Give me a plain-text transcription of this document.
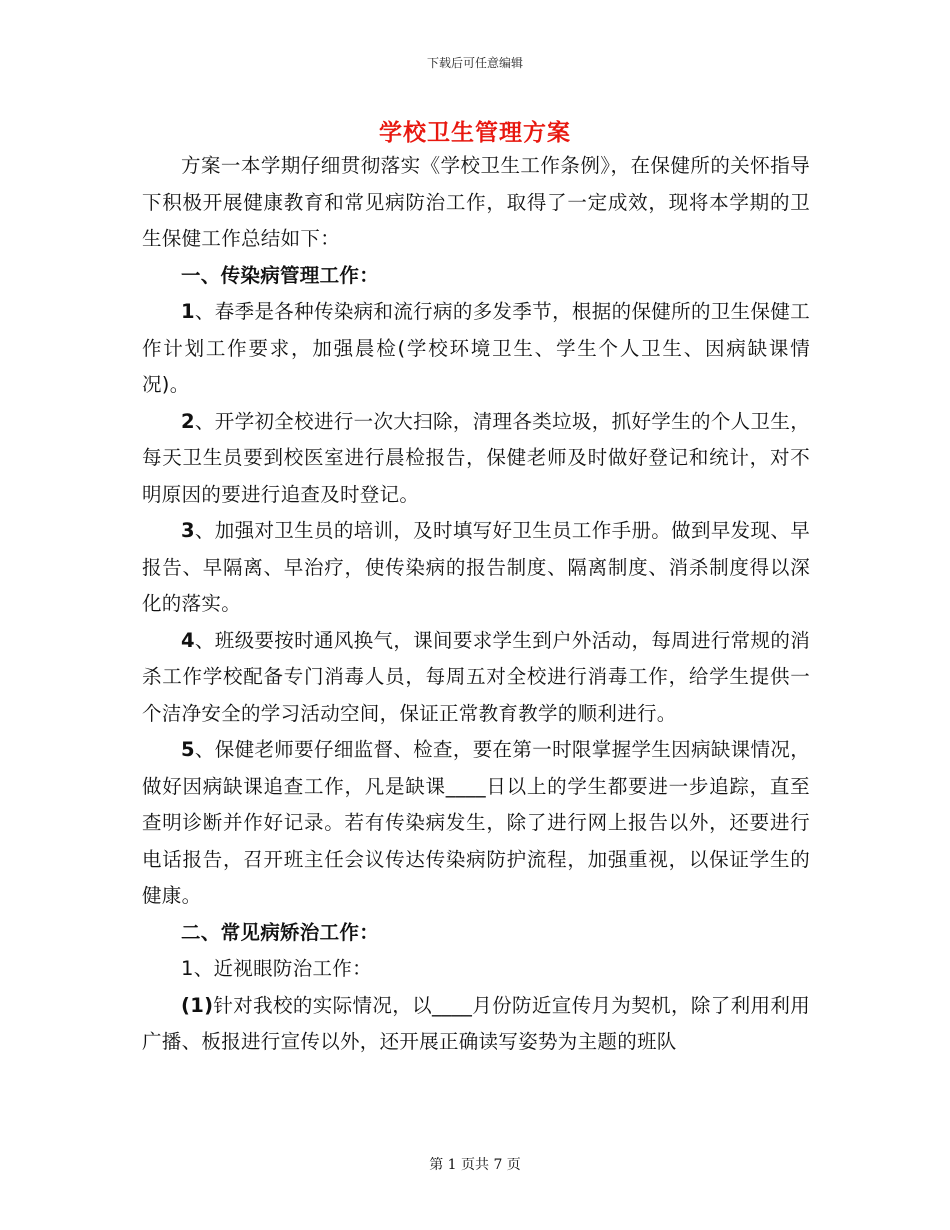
下载后可任意编辑
学校卫生管理方案

方案一本学期仔细贯彻落实《学校卫生工作条例》，在保健所的关怀指导下积极开展健康教育和常见病防治工作，取得了一定成效，现将本学期的卫生保健工作总结如下：

一、传染病管理工作：

1、春季是各种传染病和流行病的多发季节，根据的保健所的卫生保健工作计划工作要求，加强晨检(学校环境卫生、学生个人卫生、因病缺课情况)。

2、开学初全校进行一次大扫除，清理各类垃圾，抓好学生的个人卫生，每天卫生员要到校医室进行晨检报告，保健老师及时做好登记和统计，对不明原因的要进行追查及时登记。

3、加强对卫生员的培训，及时填写好卫生员工作手册。做到早发现、早报告、早隔离、早治疗，使传染病的报告制度、隔离制度、消杀制度得以深化的落实。

4、班级要按时通风换气，课间要求学生到户外活动，每周进行常规的消杀工作学校配备专门消毒人员，每周五对全校进行消毒工作，给学生提供一个洁净安全的学习活动空间，保证正常教育教学的顺利进行。

5、保健老师要仔细监督、检查，要在第一时限掌握学生因病缺课情况，做好因病缺课追查工作，凡是缺课____日以上的学生都要进一步追踪，直至查明诊断并作好记录。若有传染病发生，除了进行网上报告以外，还要进行电话报告，召开班主任会议传达传染病防护流程，加强重视，以保证学生的健康。

二、常见病矫治工作：

1、近视眼防治工作：

(1)针对我校的实际情况，以____月份防近宣传月为契机，除了利用利用广播、板报进行宣传以外，还开展正确读写姿势为主题的班队

第 1 页共 7 页
